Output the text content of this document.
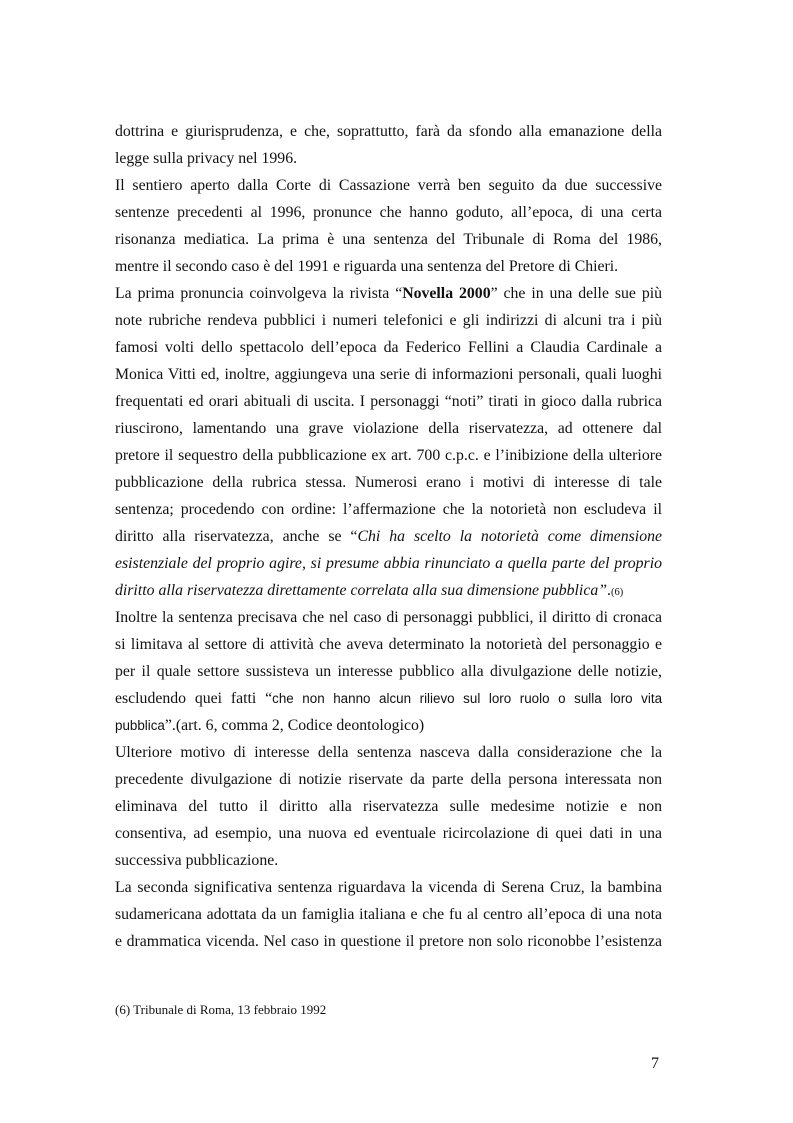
dottrina e giurisprudenza, e che, soprattutto, farà da sfondo alla emanazione della
legge sulla privacy nel 1996.
Il sentiero aperto dalla Corte di Cassazione verrà ben seguito da due successive
sentenze precedenti al 1996, pronunce che hanno goduto, all’epoca, di una certa
risonanza mediatica. La prima è una sentenza del Tribunale di Roma del 1986,
mentre il secondo caso è del 1991 e riguarda una sentenza del Pretore di Chieri.
La prima pronuncia coinvolgeva la rivista “Novella 2000” che in una delle sue più
note rubriche rendeva pubblici i numeri telefonici e gli indirizzi di alcuni tra i più
famosi volti dello spettacolo dell’epoca da Federico Fellini a Claudia Cardinale a
Monica Vitti ed, inoltre, aggiungeva una serie di informazioni personali, quali luoghi
frequentati ed orari abituali di uscita. I personaggi “noti” tirati in gioco dalla rubrica
riuscirono, lamentando una grave violazione della riservatezza, ad ottenere dal
pretore il sequestro della pubblicazione ex art. 700 c.p.c. e l’inibizione della ulteriore
pubblicazione della rubrica stessa. Numerosi erano i motivi di interesse di tale
sentenza; procedendo con ordine: l’affermazione che la notorietà non escludeva il
diritto alla riservatezza, anche se “Chi ha scelto la notorietà come dimensione
esistenziale del proprio agire, si presume abbia rinunciato a quella parte del proprio
diritto alla riservatezza direttamente correlata alla sua dimensione pubblica”.(6)
Inoltre la sentenza precisava che nel caso di personaggi pubblici, il diritto di cronaca
si limitava al settore di attività che aveva determinato la notorietà del personaggio e
per il quale settore sussisteva un interesse pubblico alla divulgazione delle notizie,
escludendo quei fatti “che non hanno alcun rilievo sul loro ruolo o sulla loro vita
pubblica”.(art. 6, comma 2, Codice deontologico)
Ulteriore motivo di interesse della sentenza nasceva dalla considerazione che la
precedente divulgazione di notizie riservate da parte della persona interessata non
eliminava del tutto il diritto alla riservatezza sulle medesime notizie e non
consentiva, ad esempio, una nuova ed eventuale ricircolazione di quei dati in una
successiva pubblicazione.
La seconda significativa sentenza riguardava la vicenda di Serena Cruz, la bambina
sudamericana adottata da un famiglia italiana e che fu al centro all’epoca di una nota
e drammatica vicenda. Nel caso in questione il pretore non solo riconobbe l’esistenza
(6) Tribunale di Roma, 13 febbraio 1992
7
